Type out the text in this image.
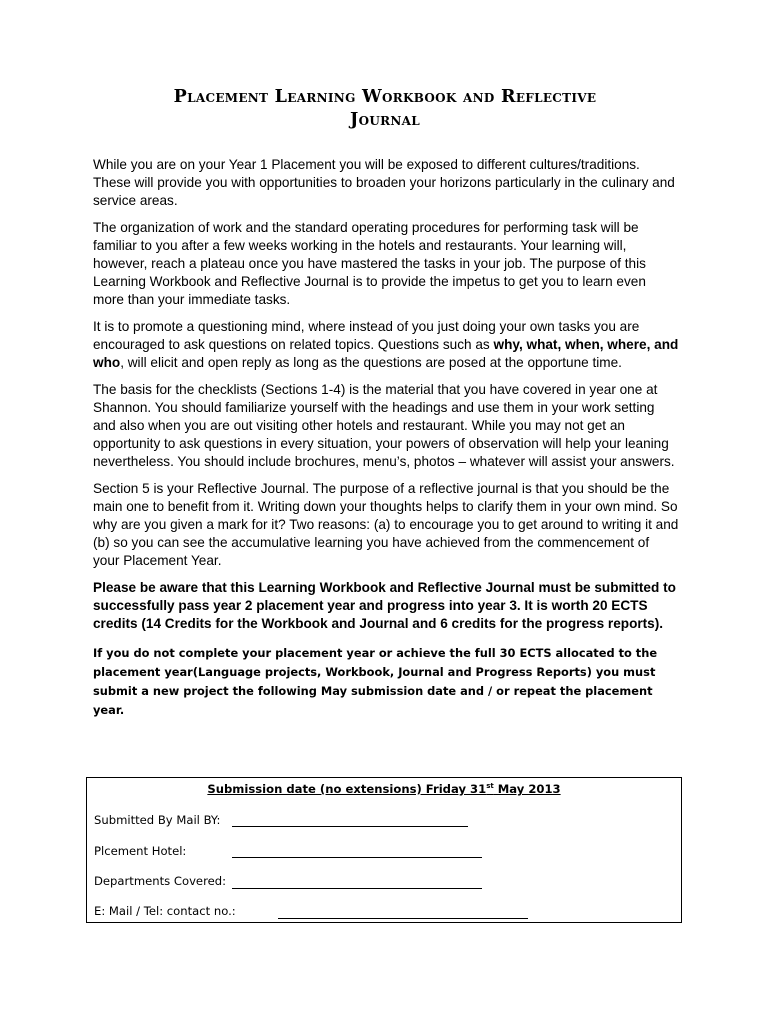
Placement Learning Workbook and Reflective
Journal

While you are on your Year 1 Placement you will be exposed to different cultures/traditions. These will provide you with opportunities to broaden your horizons particularly in the culinary and service areas.

The organization of work and the standard operating procedures for performing task will be familiar to you after a few weeks working in the hotels and restaurants. Your learning will, however, reach a plateau once you have mastered the tasks in your job. The purpose of this Learning Workbook and Reflective Journal is to provide the impetus to get you to learn even more than your immediate tasks.

It is to promote a questioning mind, where instead of you just doing your own tasks you are encouraged to ask questions on related topics. Questions such as why, what, when, where, and who, will elicit and open reply as long as the questions are posed at the opportune time.

The basis for the checklists (Sections 1-4) is the material that you have covered in year one at Shannon. You should familiarize yourself with the headings and use them in your work setting and also when you are out visiting other hotels and restaurant. While you may not get an opportunity to ask questions in every situation, your powers of observation will help your leaning nevertheless. You should include brochures, menu’s, photos – whatever will assist your answers.

Section 5 is your Reflective Journal. The purpose of a reflective journal is that you should be the main one to benefit from it. Writing down your thoughts helps to clarify them in your own mind. So why are you given a mark for it? Two reasons: (a) to encourage you to get around to writing it and (b) so you can see the accumulative learning you have achieved from the commencement of your Placement Year.

Please be aware that this Learning Workbook and Reflective Journal must be submitted to successfully pass year 2 placement year and progress into year 3. It is worth 20 ECTS credits (14 Credits for the Workbook and Journal and 6 credits for the progress reports).

If you do not complete your placement year or achieve the full 30 ECTS allocated to the placement year(Language projects, Workbook, Journal and Progress Reports) you must submit a new project the following May submission date and / or repeat the placement year.

Submission date (no extensions) Friday 31st May 2013
Submitted By Mail BY:
Plcement Hotel:
Departments Covered:
E: Mail / Tel: contact no.:
